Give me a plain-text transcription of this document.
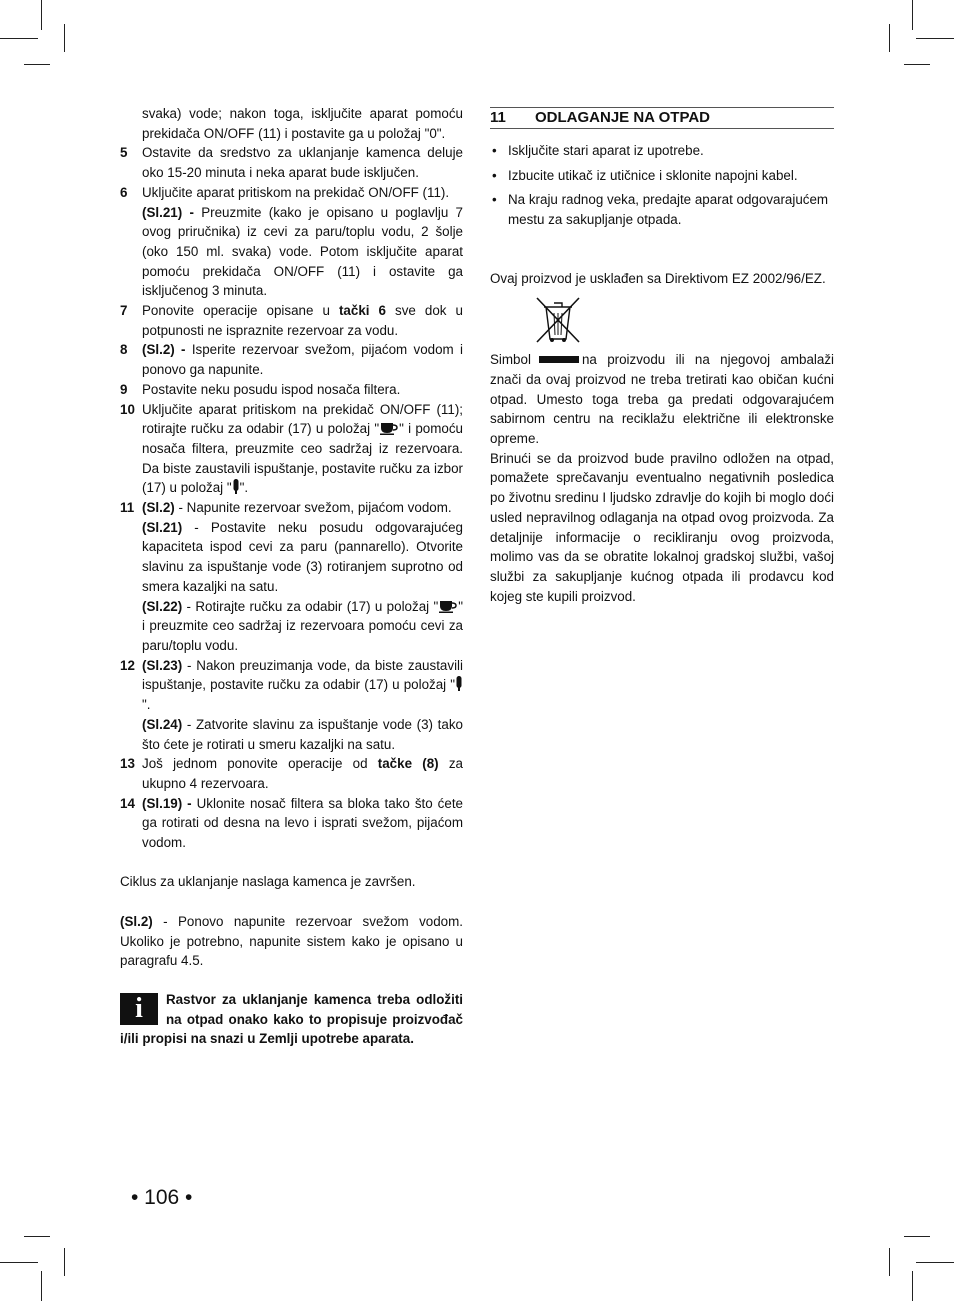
svaka) vode; nakon toga, isključite aparat pomoću prekidača ON/OFF (11) i postavite ga u položaj "0".
5 Ostavite da sredstvo za uklanjanje kamenca deluje oko 15-20 minuta i neka aparat bude isključen.
6 Uključite aparat pritiskom na prekidač ON/OFF (11).
(Sl.21) - Preuzmite (kako je opisano u poglavlju 7 ovog priručnika) iz cevi za paru/toplu vodu, 2 šolje (oko 150 ml. svaka) vode. Potom isključite aparat pomoću prekidača ON/OFF (11) i ostavite ga isključenog 3 minuta.
7 Ponovite operacije opisane u tački 6 sve dok u potpunosti ne ispraznite rezervoar za vodu.
8 (Sl.2) - Isperite rezervoar svežom, pijaćom vodom i ponovo ga napunite.
9 Postavite neku posudu ispod nosača filtera.
10 Uključite aparat pritiskom na prekidač ON/OFF (11); rotirajte ručku za odabir (17) u položaj " " i pomoću nosača filtera, preuzmite ceo sadržaj iz rezervoara. Da biste zaustavili ispuštanje, postavite ručku za izbor (17) u položaj " ".
11 (Sl.2) - Napunite rezervoar svežom, pijaćom vodom.
(Sl.21) - Postavite neku posudu odgovarajućeg kapaciteta ispod cevi za paru (pannarello). Otvorite slavinu za ispuštanje vode (3) rotiranjem suprotno od smera kazaljki na satu.
(Sl.22) - Rotirajte ručku za odabir (17) u položaj " " i preuzmite ceo sadržaj iz rezervoara pomoću cevi za paru/toplu vodu.
12 (Sl.23) - Nakon preuzimanja vode, da biste zaustavili ispuštanje, postavite ručku za odabir (17) u položaj "".
(Sl.24) - Zatvorite slavinu za ispuštanje vode (3) tako što ćete je rotirati u smeru kazaljki na satu.
13 Još jednom ponovite operacije od tačke (8) za ukupno 4 rezervoara.
14 (Sl.19) - Uklonite nosač filtera sa bloka tako što ćete ga rotirati od desna na levo i isprati svežom, pijaćom vodom.
Ciklus za uklanjanje naslaga kamenca je završen.
(Sl.2) - Ponovo napunite rezervoar svežom vodom. Ukoliko je potrebno, napunite sistem kako je opisano u paragrafu 4.5.
i	Rastvor za uklanjanje kamenca treba odložiti na otpad onako kako to propisuje proizvođač i/ili propisi na snazi u Zemlji upotrebe aparata.
11 ODLAGANJE NA OTPAD
• Isključite stari aparat iz upotrebe.
• Izbucite utikač iz utičnice i sklonite napojni kabel.
• Na kraju radnog veka, predajte aparat odgovarajućem mestu za sakupljanje otpada.
Ovaj proizvod je usklađen sa Direktivom EZ 2002/96/EZ.
Simbol	na proizvodu ili na njegovoj ambalaži znači da ovaj proizvod ne treba tretirati kao običan kućni otpad. Umesto toga treba ga predati odgovarajućem sabirnom centru na reciklažu električne ili elektronske opreme.
Brinući se da proizvod bude pravilno odložen na otpad, pomažete sprečavanju eventualno negativnih posledica po životnu sredinu I ljudsko zdravlje do kojih bi moglo doći usled nepravilnog odlaganja na otpad ovog proizvoda. Za detaljnije informacije o recikliranju ovog proizvoda, molimo vas da se obratite lokalnoj gradskoj službi, vašoj službi za sakupljanje kućnog otpada ili prodavcu kod kojeg ste kupili proizvod.
• 106 •
